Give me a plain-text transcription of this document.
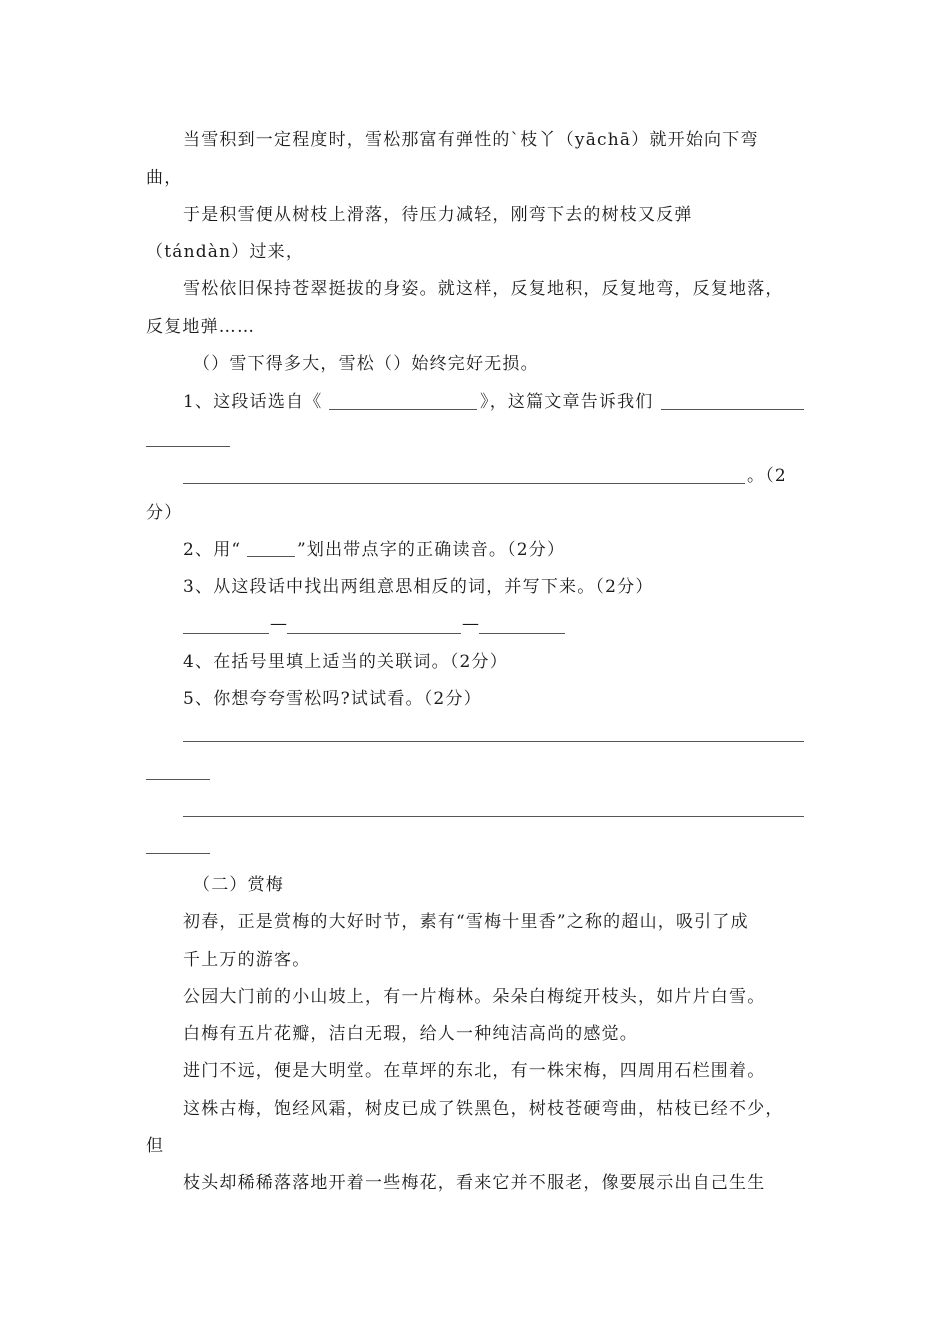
当雪积到一定程度时，雪松那富有弹性的`枝丫（yāchā）就开始向下弯
曲，
于是积雪便从树枝上滑落，待压力减轻，刚弯下去的树枝又反弹
（tándàn）过来，
雪松依旧保持苍翠挺拔的身姿。就这样，反复地积，反复地弯，反复地落，
反复地弹……
（）雪下得多大，雪松（）始终完好无损。
1、这段话选自《	》，这篇文章告诉我们
。（2
分）
2、用“	”划出带点字的正确读音。（2分）
3、从这段话中找出两组意思相反的词，并写下来。（2分）
—	—
4、在括号里填上适当的关联词。（2分）
5、你想夸夸雪松吗?试试看。（2分）
（二）赏梅
初春，正是赏梅的大好时节，素有“雪梅十里香”之称的超山，吸引了成
千上万的游客。
公园大门前的小山坡上，有一片梅林。朵朵白梅绽开枝头，如片片白雪。
白梅有五片花瓣，洁白无瑕，给人一种纯洁高尚的感觉。
进门不远，便是大明堂。在草坪的东北，有一株宋梅，四周用石栏围着。
这株古梅，饱经风霜，树皮已成了铁黑色，树枝苍硬弯曲，枯枝已经不少，
但
枝头却稀稀落落地开着一些梅花，看来它并不服老，像要展示出自己生生
